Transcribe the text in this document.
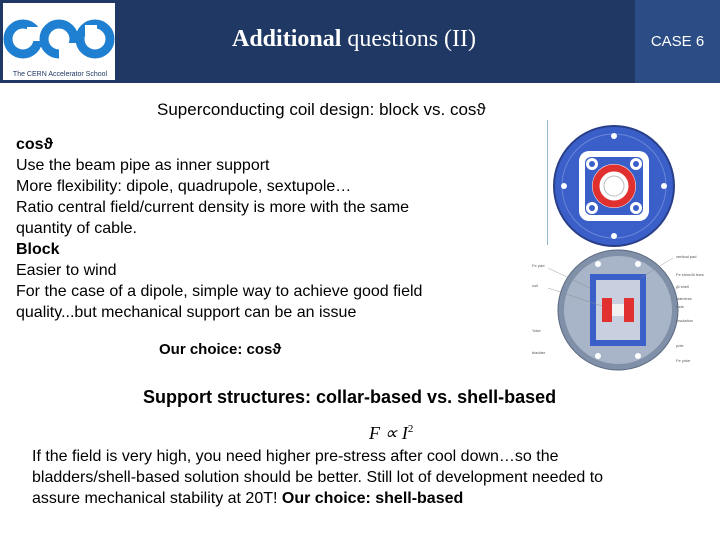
The CERN Accelerator School
Additional questions (II)	CASE 6
Superconducting coil design: block vs. cosϑ
cosϑ
Use the beam pipe as inner support
More flexibility: dipole, quadrupole, sextupole…
Ratio central field/current density is more with the same
quantity of cable.
Block
Easier to wind
For the case of a dipole, simple way to achieve good field
quality...but mechanical support can be an issue
Our choice: cosϑ
Fe pad
coil
Yoke
bladder
vertical pad
Fe shim/Al bars
Al shell
stainless
rods
insulation
pole
Fe yoke
Support structures: collar-based vs. shell-based
$F \propto I^2$
If the field is very high, you need higher pre-stress after cool down…so the
bladders/shell-based solution should be better. Still lot of development needed to
assure mechanical stability at 20T! Our choice: shell-based
